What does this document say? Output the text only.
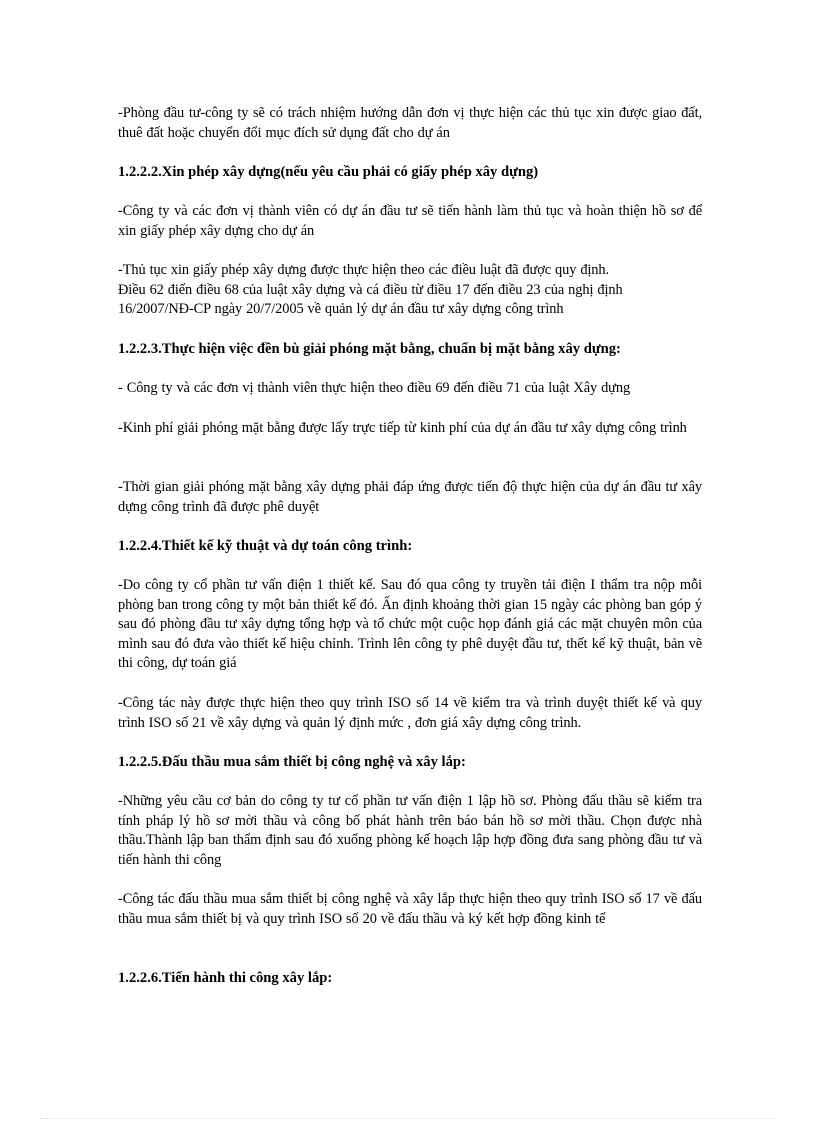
-Phòng đầu tư-công ty sẽ có trách nhiệm hướng dẫn đơn vị thực hiện các thủ tục xin được giao đất, thuê đất hoặc chuyển đổi mục đích sử dụng đất cho dự án
1.2.2.2.Xin phép xây dựng(nếu yêu cầu phải có giấy phép xây dựng)
-Công ty và các đơn vị thành viên có dự án đầu tư sẽ tiến hành làm thủ tục và hoàn thiện hồ sơ để xin giấy phép xây dựng cho dự án
-Thủ tục xin giấy phép xây dựng được thực hiện theo các điều luật đã được quy định.
Điều 62 điến điều 68 của luật xây dựng và cá điều từ điều 17 đến điều 23 của nghị định
16/2007/NĐ-CP ngày 20/7/2005 về quản lý dự án đầu tư xây dựng công trình
1.2.2.3.Thực hiện việc đền bù giải phóng mặt bằng, chuẩn bị mặt bằng xây dựng:
- Công ty và các đơn vị thành viên thực hiện theo điều 69 đến điều 71 của luật Xây dựng
-Kinh phí giải phóng mặt bằng được lấy trực tiếp từ kinh phí của dự án đầu tư xây dựng công trình
-Thời gian giải phóng mặt bằng xây dựng phải đáp ứng được tiến độ thực hiện của dự án đầu tư xây dựng công trình đã được phê duyệt
1.2.2.4.Thiết kế kỹ thuật và dự toán công trình:
-Do công ty cổ phần tư vấn điện 1 thiết kế. Sau đó qua công ty truyền tải điện I thẩm tra nộp mỗi phòng ban trong công ty một bản thiết kế đó. Ấn định khoảng thời gian 15 ngày các phòng ban góp ý sau đó phòng đầu tư xây dựng tổng hợp và tổ chức một cuộc họp đánh giá các mặt chuyên môn của mình sau đó đưa vào thiết kế hiệu chỉnh. Trình lên công ty phê duyệt đầu tư, thết kế kỹ thuật, bản vẽ thi công, dự toán giá
-Công tác này được thực hiện theo quy trình ISO số 14 về kiểm tra và trình duyệt thiết kế và quy trình ISO số 21 về xây dựng và quản lý định mức , đơn giá xây dựng công trình.
1.2.2.5.Đấu thầu mua sắm thiết bị công nghệ và xây lắp:
-Những yêu cầu cơ bản do công ty tư cổ phần tư vấn điện 1 lập hồ sơ. Phòng đấu thầu sẽ kiểm tra tính pháp lý hồ sơ mời thầu và công bố phát hành trên báo bán hồ sơ mời thầu. Chọn được nhà thầu.Thành lập ban thẩm định sau đó xuống phòng kế hoạch lập hợp đồng đưa sang phòng đầu tư và tiến hành thi công
-Công tác đấu thầu mua sắm thiết bị công nghệ và xây lắp thực hiện theo quy trình ISO số 17 về đấu thầu mua sắm thiết bị và quy trình ISO số 20 về đấu thầu và ký kết hợp đồng kinh tế
1.2.2.6.Tiến hành thi công xây lắp:
